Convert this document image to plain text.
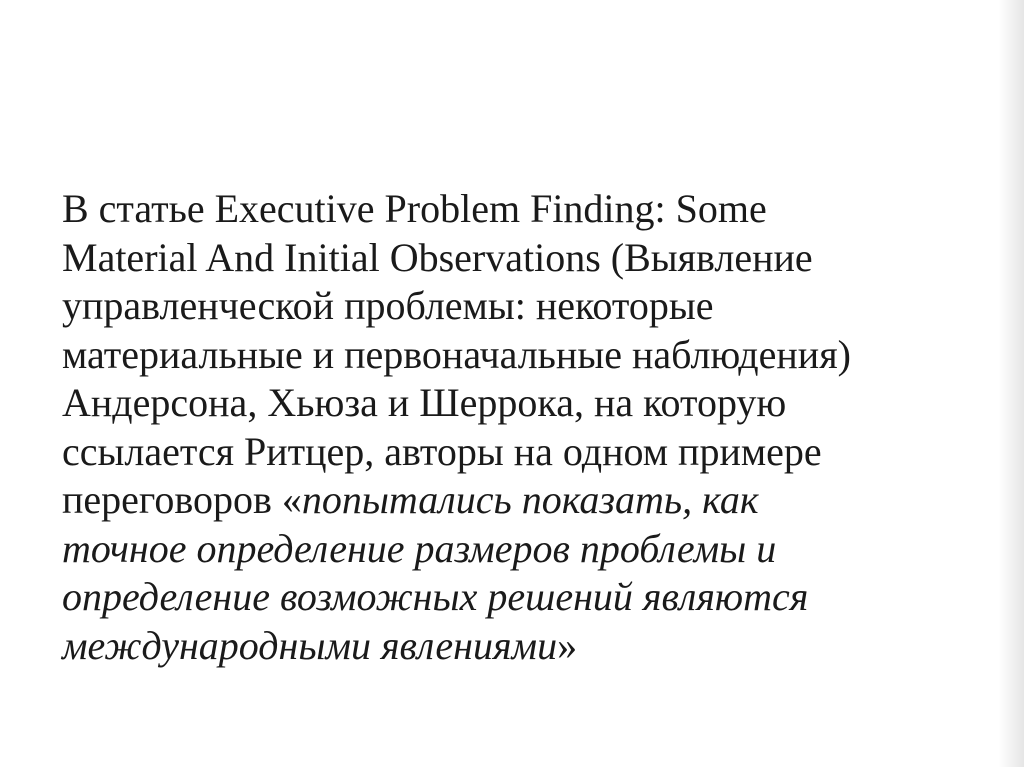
В статье Executive Problem Finding: Some
Material And Initial Observations (Выявление
управленческой проблемы: некоторые
материальные и первоначальные наблюдения)
Андерсона, Хьюза и Шеррока, на которую
ссылается Ритцер, авторы на одном примере
переговоров «попытались показать, как
точное определение размеров проблемы и
определение возможных решений являются
международными явлениями»
